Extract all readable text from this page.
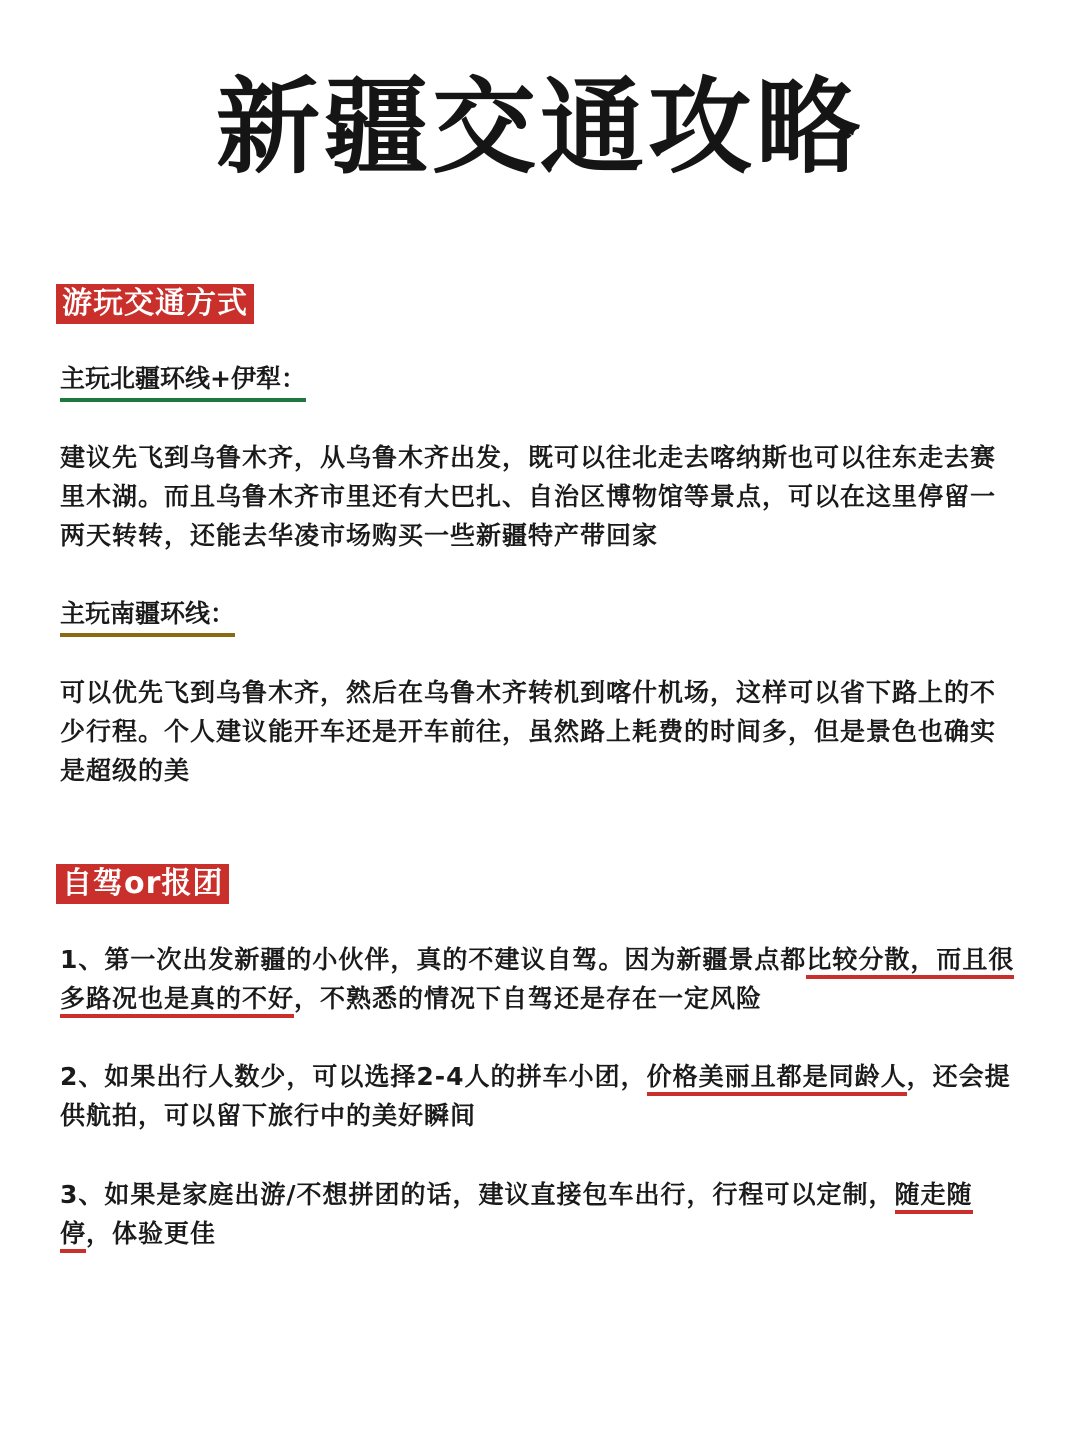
新疆交通攻略
游玩交通方式
主玩北疆环线+伊犁：

建议先飞到乌鲁木齐，从乌鲁木齐出发，既可以往北走去喀纳斯也可以往东走去赛里木湖。而且乌鲁木齐市里还有大巴扎、自治区博物馆等景点，可以在这里停留一两天转转，还能去华凌市场购买一些新疆特产带回家

主玩南疆环线：

可以优先飞到乌鲁木齐，然后在乌鲁木齐转机到喀什机场，这样可以省下路上的不少行程。个人建议能开车还是开车前往，虽然路上耗费的时间多，但是景色也确实是超级的美

自驾or报团

1、第一次出发新疆的小伙伴，真的不建议自驾。因为新疆景点都比较分散，而且很多路况也是真的不好，不熟悉的情况下自驾还是存在一定风险

2、如果出行人数少，可以选择2-4人的拼车小团，价格美丽且都是同龄人，还会提供航拍，可以留下旅行中的美好瞬间

3、如果是家庭出游/不想拼团的话，建议直接包车出行，行程可以定制，随走随停，体验更佳
